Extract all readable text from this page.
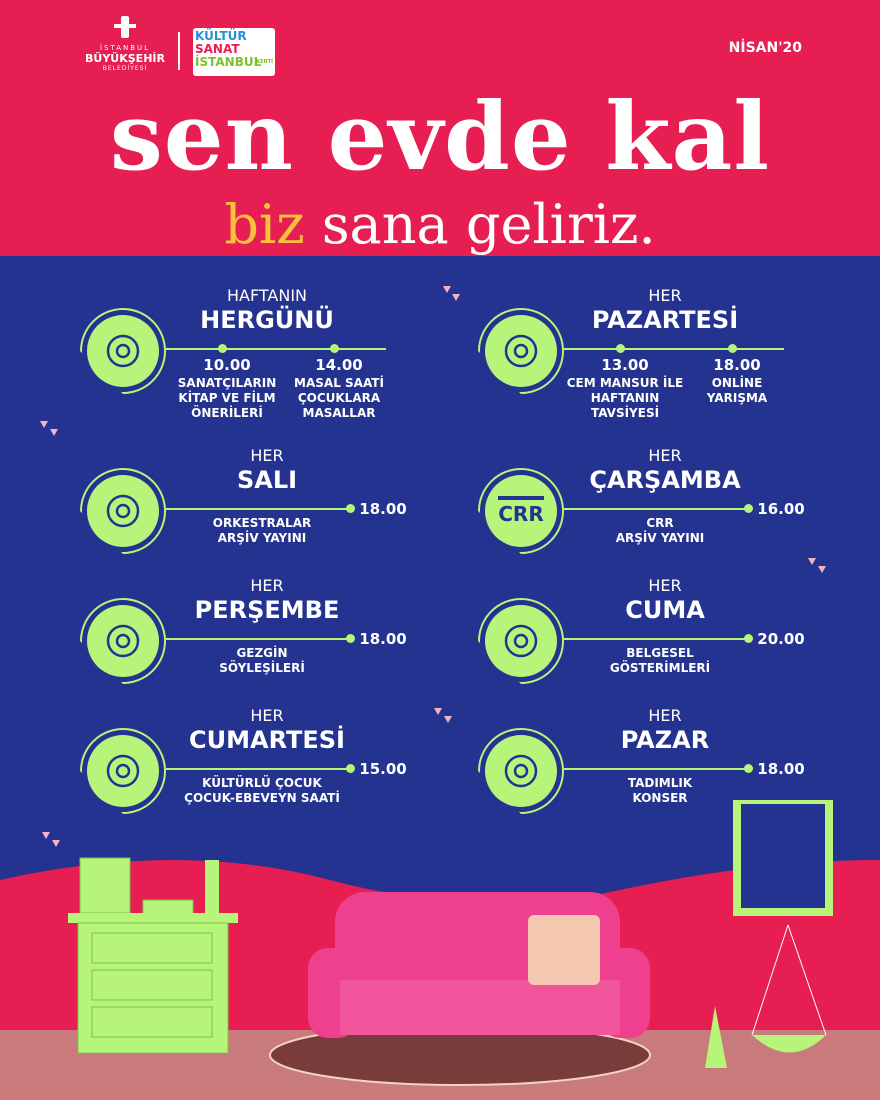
İSTANBUL
BÜYÜKŞEHİR
BELEDİYESİ
KÜLTÜR
SANAT
İSTANBUL
KENTİ
NİSAN'20
sen evde kal
biz sana geliriz.
HAFTANIN
HERGÜNÜ
10.00
SANATÇILARIN
KİTAP VE FİLM
ÖNERİLERİ
14.00
MASAL SAATİ
ÇOCUKLARA
MASALLAR
HER
PAZARTESİ
13.00
CEM MANSUR İLE
HAFTANIN
TAVSİYESİ
18.00
ONLİNE
YARIŞMA
HER
SALI
18.00
ORKESTRALAR
ARŞİV YAYINI
CRR
HER
ÇARŞAMBA
16.00
CRR
ARŞİV YAYINI
HER
PERŞEMBE
18.00
GEZGİN
SÖYLEŞİLERİ
HER
CUMA
20.00
BELGESEL
GÖSTERİMLERİ
HER
CUMARTESİ
15.00
KÜLTÜRLÜ ÇOCUK
ÇOCUK-EBEVEYN SAATİ
HER
PAZAR
18.00
TADIMLIK
KONSER
